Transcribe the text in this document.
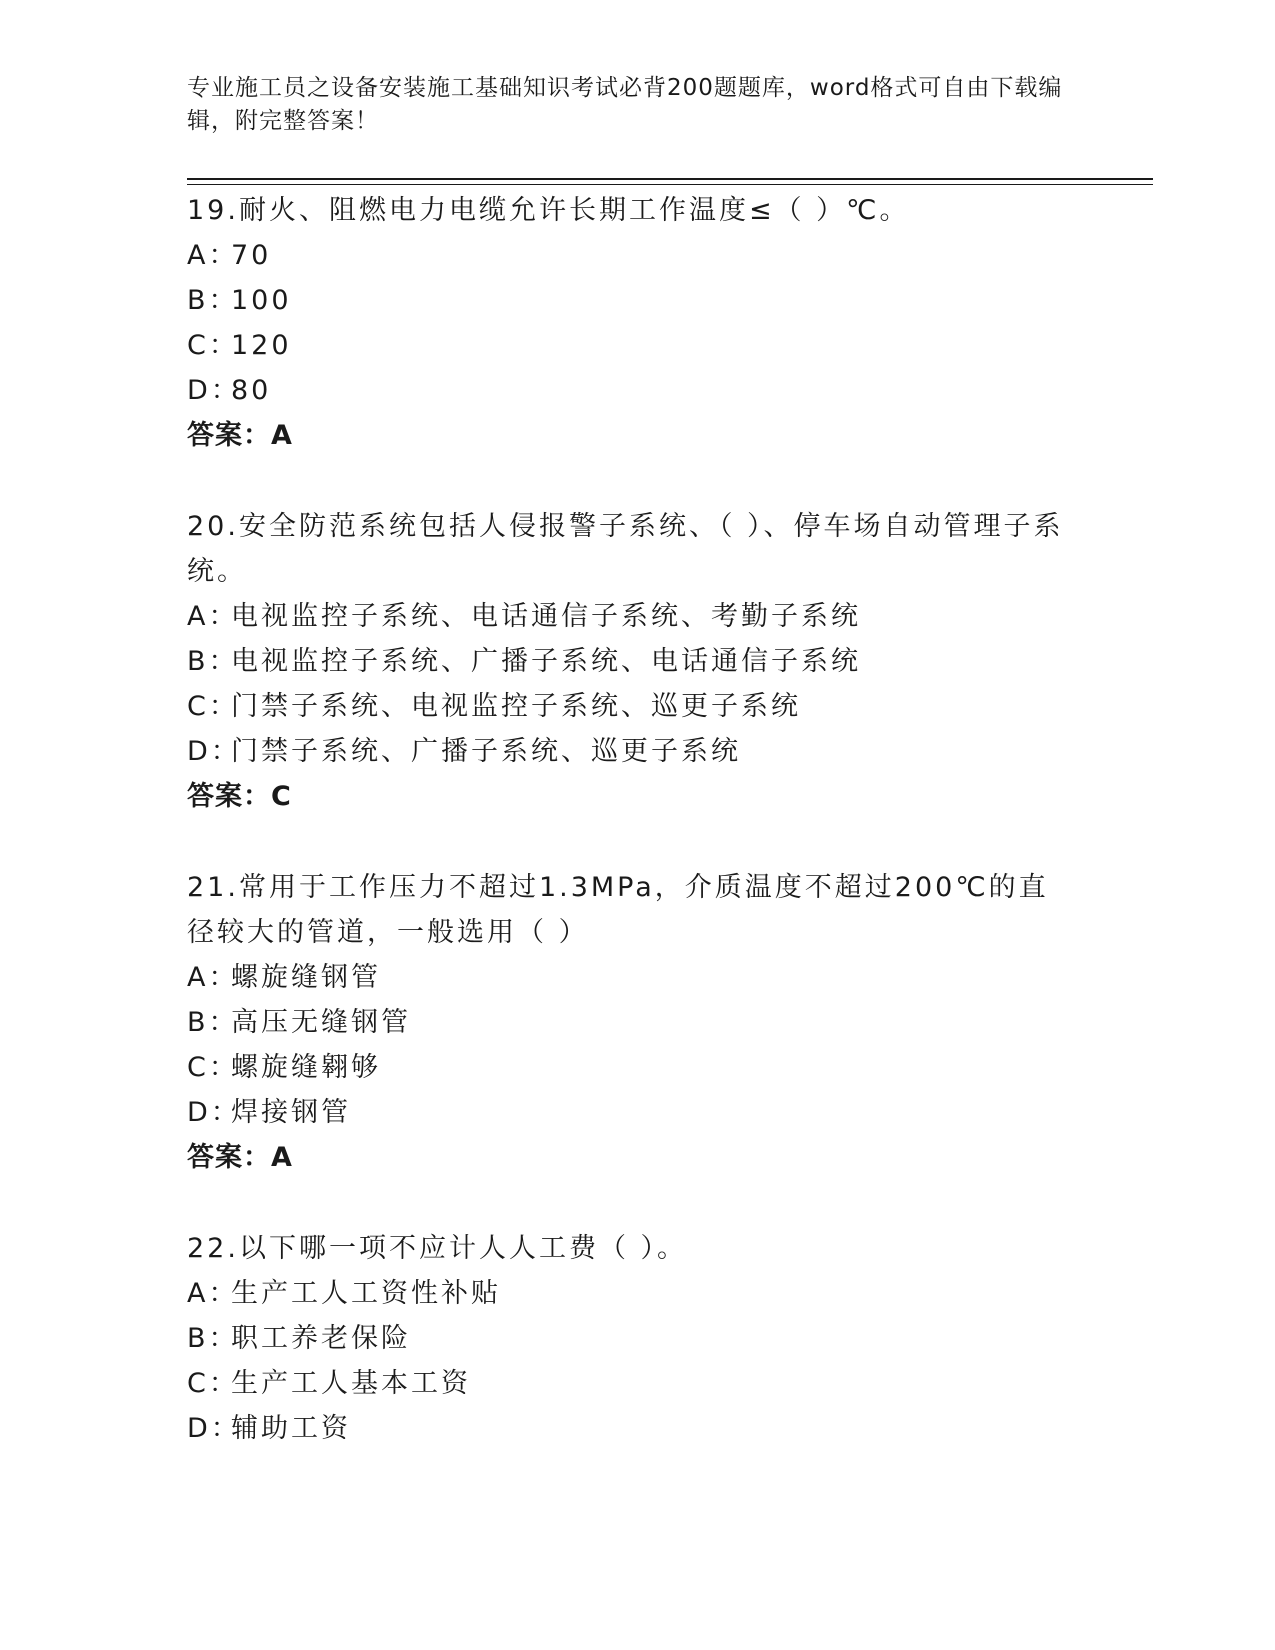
专业施工员之设备安装施工基础知识考试必背200题题库，word格式可自由下载编辑，附完整答案！
19.耐火、阻燃电力电缆允许长期工作温度≤（ ）℃。
A：70
B：100
C：120
D：80
答案：A
20.安全防范系统包括人侵报警子系统、（ ）、停车场自动管理子系统。
A：电视监控子系统、电话通信子系统、考勤子系统
B：电视监控子系统、广播子系统、电话通信子系统
C：门禁子系统、电视监控子系统、巡更子系统
D：门禁子系统、广播子系统、巡更子系统
答案：C
21.常用于工作压力不超过1.3MPa，介质温度不超过200℃的直径较大的管道，一般选用（ ）
A：螺旋缝钢管
B：高压无缝钢管
C：螺旋缝翱够
D：焊接钢管
答案：A
22.以下哪一项不应计人人工费（ ）。
A：生产工人工资性补贴
B：职工养老保险
C：生产工人基本工资
D：辅助工资
